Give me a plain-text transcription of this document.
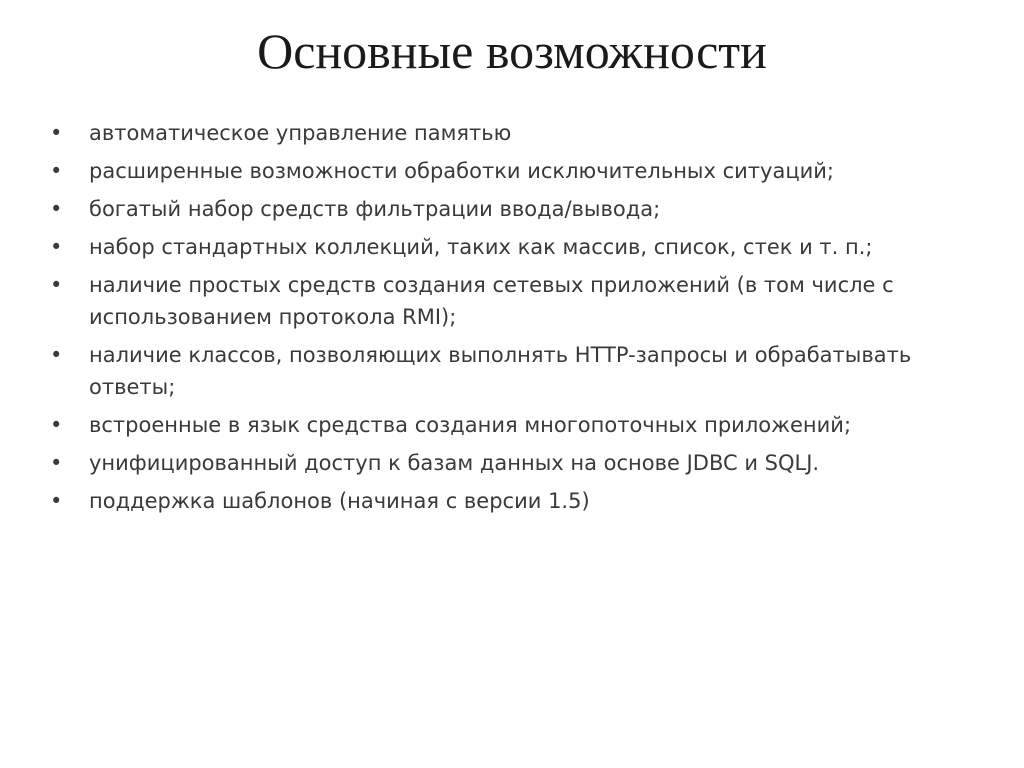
Основные возможности
•	автоматическое управление памятью
•	расширенные возможности обработки исключительных ситуаций;
•	богатый набор средств фильтрации ввода/вывода;
•	набор стандартных коллекций, таких как массив, список, стек и т. п.;
•	наличие простых средств создания сетевых приложений (в том числе с использованием протокола RMI);
•	наличие классов, позволяющих выполнять HTTP-запросы и обрабатывать ответы;
•	встроенные в язык средства создания многопоточных приложений;
•	унифицированный доступ к базам данных на основе JDBC и SQLJ.
•	поддержка шаблонов (начиная с версии 1.5)
